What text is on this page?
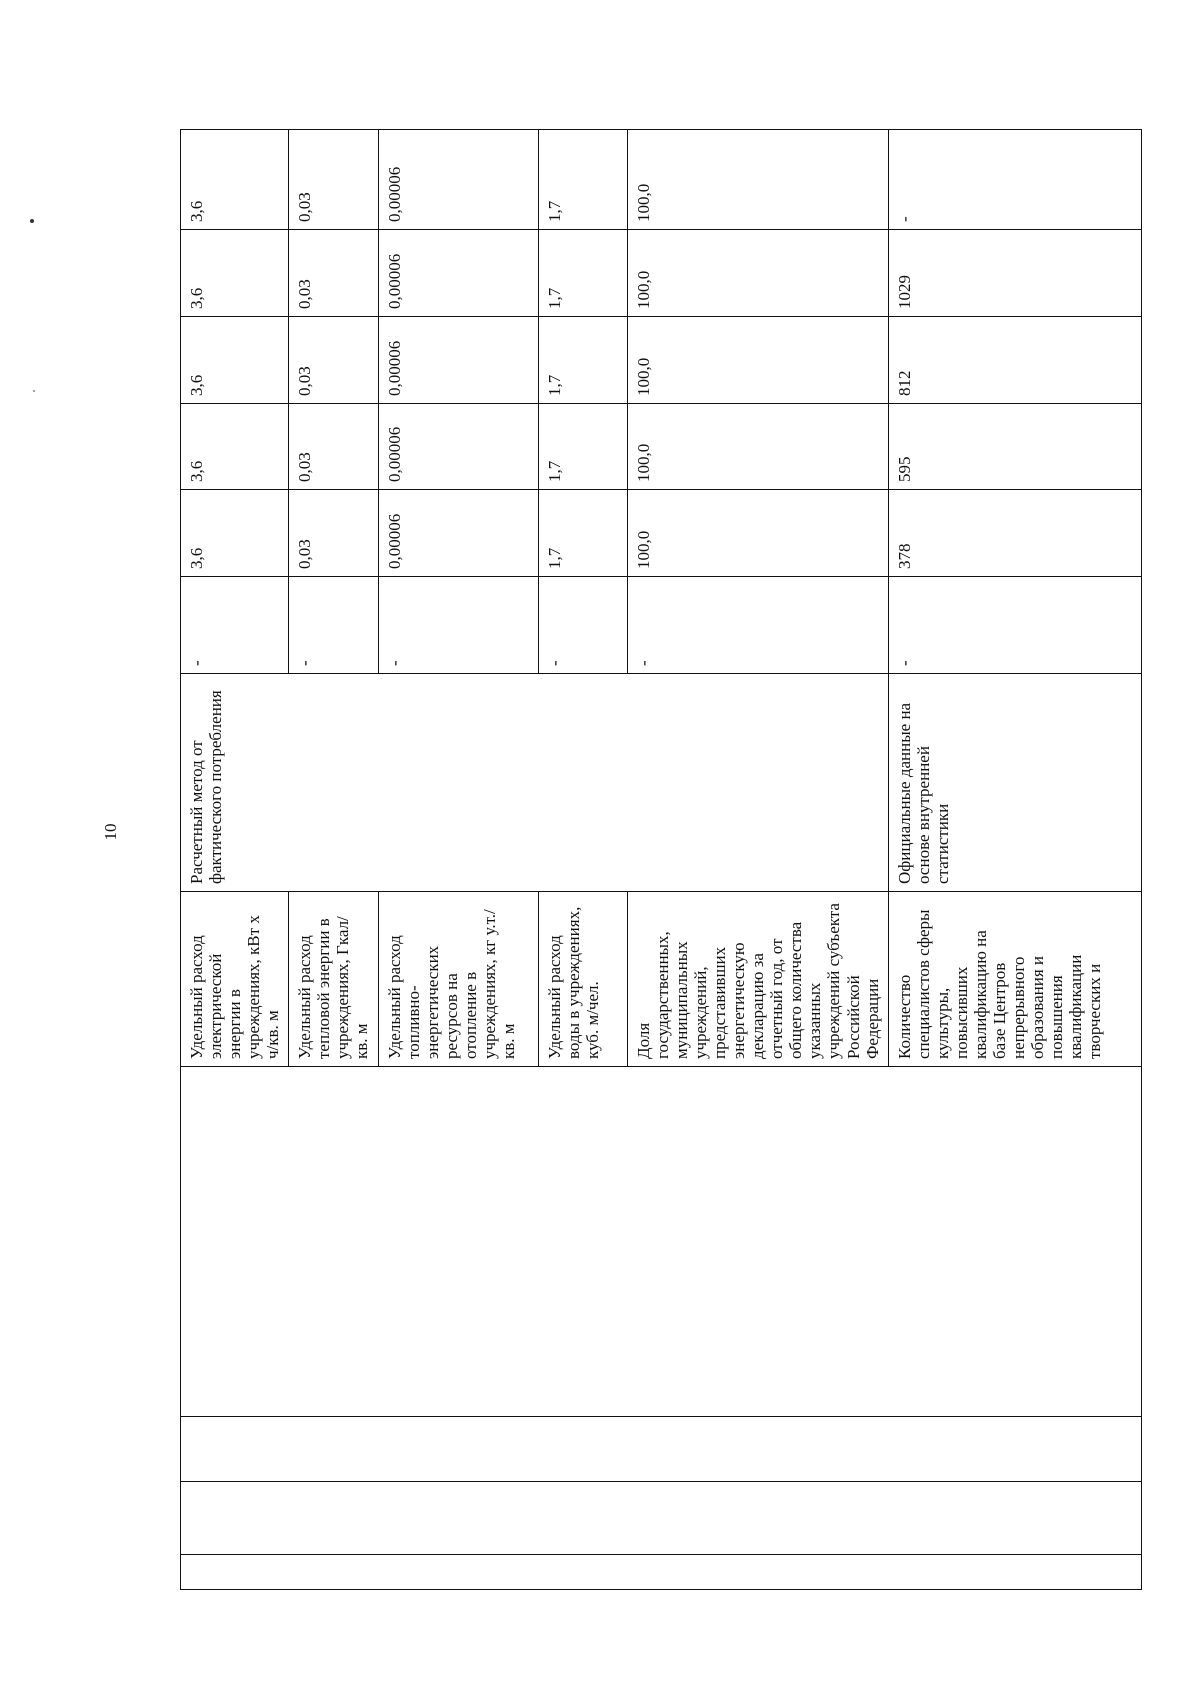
10
				Удельный расход электрической энергии в учреждениях, кВт х ч/кв. м	Расчетный метод от фактического потребления	-	3,6	3,6	3,6	3,6	3,6
				Удельный расход тепловой энергии в учреждениях, Гкал/кв. м		-	0,03	0,03	0,03	0,03	0,03
				Удельный расход топливно-энергетических ресурсов на отопление в учреждениях, кг у.т./кв. м		-	0,00006	0,00006	0,00006	0,00006	0,00006
				Удельный расход воды в учреждениях, куб. м/чел.		-	1,7	1,7	1,7	1,7	1,7
				Доля государственных, муниципальных учреждений, представивших энергетическую декларацию за отчетный год, от общего количества указанных учреждений субъекта Российской Федерации		-	100,0	100,0	100,0	100,0	100,0
				Количество специалистов сферы культуры, повысивших квалификацию на базе Центров непрерывного образования и повышения квалификации творческих и	Официальные данные на основе внутренней статистики	-	378	595	812	1029	-
